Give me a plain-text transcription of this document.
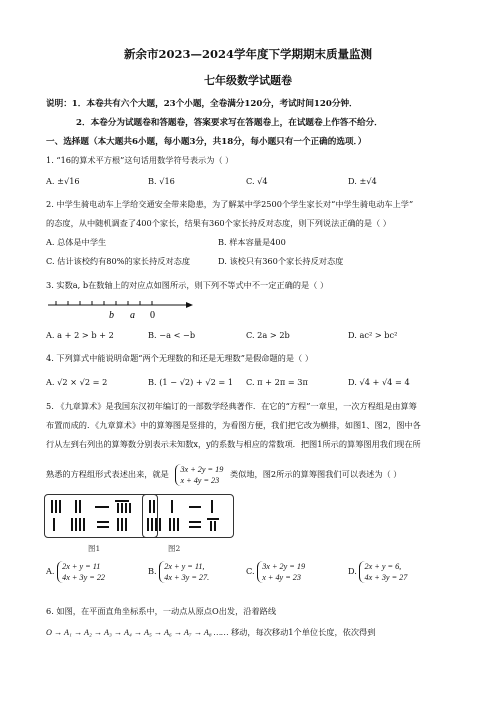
新余市2023—2024学年度下学期期末质量监测
七年级数学试题卷
说明：1．本卷共有六个大题，23个小题，全卷满分120分，考试时间120分钟．
2．本卷分为试题卷和答题卷，答案要求写在答题卷上，在试题卷上作答不给分．
一、选择题（本大题共6小题，每小题3分，共18分，每小题只有一个正确的选项．）
1. “16的算术平方根”这句话用数学符号表示为（ ）
A. ±√16	B. √16	C. √4	D. ±√4
2. 中学生骑电动车上学给交通安全带来隐患，为了解某中学2500个学生家长对“中学生骑电动车上学”
的态度，从中随机调查了400个家长，结果有360个家长持反对态度，则下列说法正确的是（ ）
A. 总体是中学生	B. 样本容量是400
C. 估计该校约有80%的家长持反对态度	D. 该校只有360个家长持反对态度
3. 实数a, b在数轴上的对应点如图所示，则下列不等式中不一定正确的是（ ）
b a 0
A. a + 2 > b + 2	B. −a < −b	C. 2a > 2b	D. ac² > bc²
4. 下列算式中能说明命题“两个无理数的和还是无理数”是假命题的是（ ）
A. √2 × √2 = 2	B. (1 − √2) + √2 = 1 C. π + 2π = 3π	D. √4 + √4 = 4
5. 《九章算术》是我国东汉初年编订的一部数学经典著作．在它的“方程”一章里，一次方程组是由算筹
布置而成的．《九章算术》中的算筹图是竖排的，为看图方便，我们把它改为横排，如图1、图2，图中各
行从左到右列出的算筹数分别表示未知数x，y的系数与相应的常数项．把图1所示的算筹图用我们现在所
熟悉的方程组形式表述出来，就是 3x + 2y = 19
x + 4y = 23 类似地，图2所示的算筹图我们可以表述为（ ）
图1	图2
A. 2x + y = 11
4x + 3y = 22
B. 2x + y = 11,
4x + 3y = 27.
C. 3x + 2y = 19
x + 4y = 23
D. 2x + y = 6,
4x + 3y = 27
6. 如图，在平面直角坐标系中，一动点从原点O出发，沿着路线
O → A₁ → A₂ → A₃ → A₄ → A₅ → A₆ → A₇ → A₈ …… 移动，每次移动1个单位长度，依次得到
